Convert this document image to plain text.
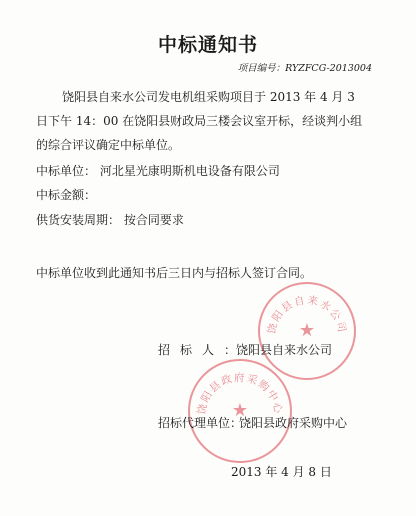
中标通知书
项目编号：RYZFCG-2013004
饶阳县自来水公司发电机组采购项目于 2013 年 4 月 3
日下午 14：00 在饶阳县财政局三楼会议室开标，经谈判小组
的综合评议确定中标单位。
中标单位： 河北星光康明斯机电设备有限公司
中标金额：
供货安装周期： 按合同要求
中标单位收到此通知书后三日内与招标人签订合同。
饶阳县自来水公司
★
饶阳县政府采购中心
★
招标人：
饶阳县自来水公司
招标代理单位：
饶阳县政府采购中心
2013 年 4 月 8 日
